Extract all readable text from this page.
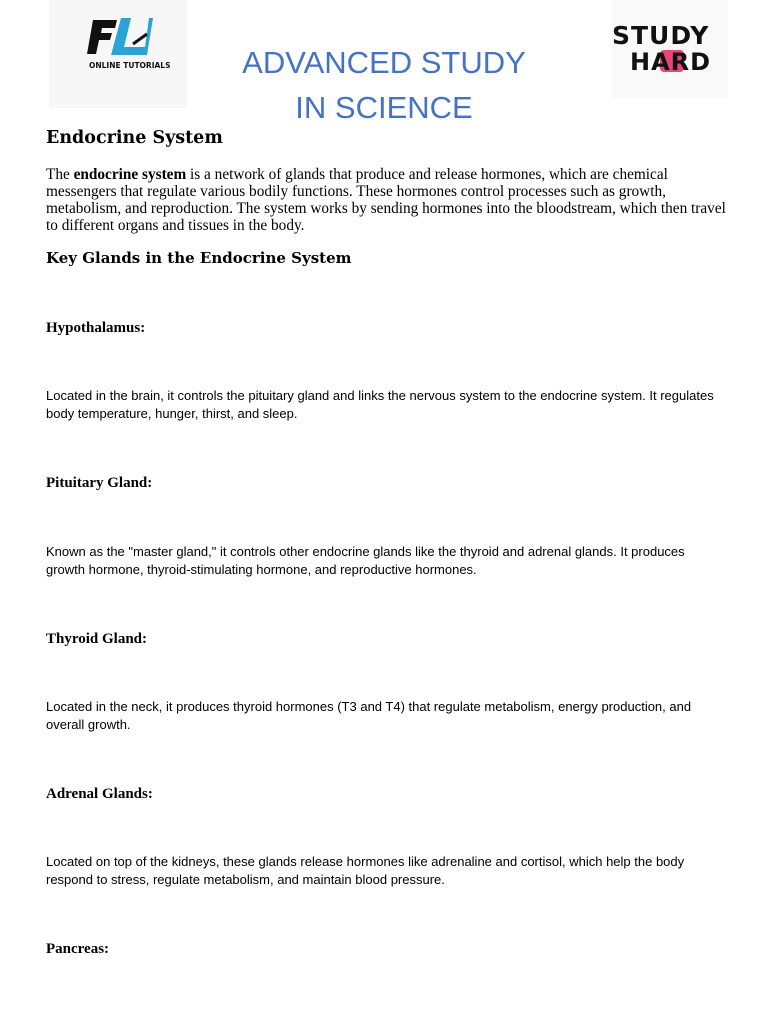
ONLINE TUTORIALS
STUDY
HARD
ADVANCED STUDY
IN SCIENCE
Endocrine System

The endocrine system is a network of glands that produce and release hormones, which are chemical messengers that regulate various bodily functions. These hormones control processes such as growth, metabolism, and reproduction. The system works by sending hormones into the bloodstream, which then travel to different organs and tissues in the body.

Key Glands in the Endocrine System

Hypothalamus:

Located in the brain, it controls the pituitary gland and links the nervous system to the endocrine system. It regulates body temperature, hunger, thirst, and sleep.

Pituitary Gland:

Known as the "master gland," it controls other endocrine glands like the thyroid and adrenal glands. It produces growth hormone, thyroid-stimulating hormone, and reproductive hormones.

Thyroid Gland:

Located in the neck, it produces thyroid hormones (T3 and T4) that regulate metabolism, energy production, and overall growth.

Adrenal Glands:

Located on top of the kidneys, these glands release hormones like adrenaline and cortisol, which help the body respond to stress, regulate metabolism, and maintain blood pressure.

Pancreas:
